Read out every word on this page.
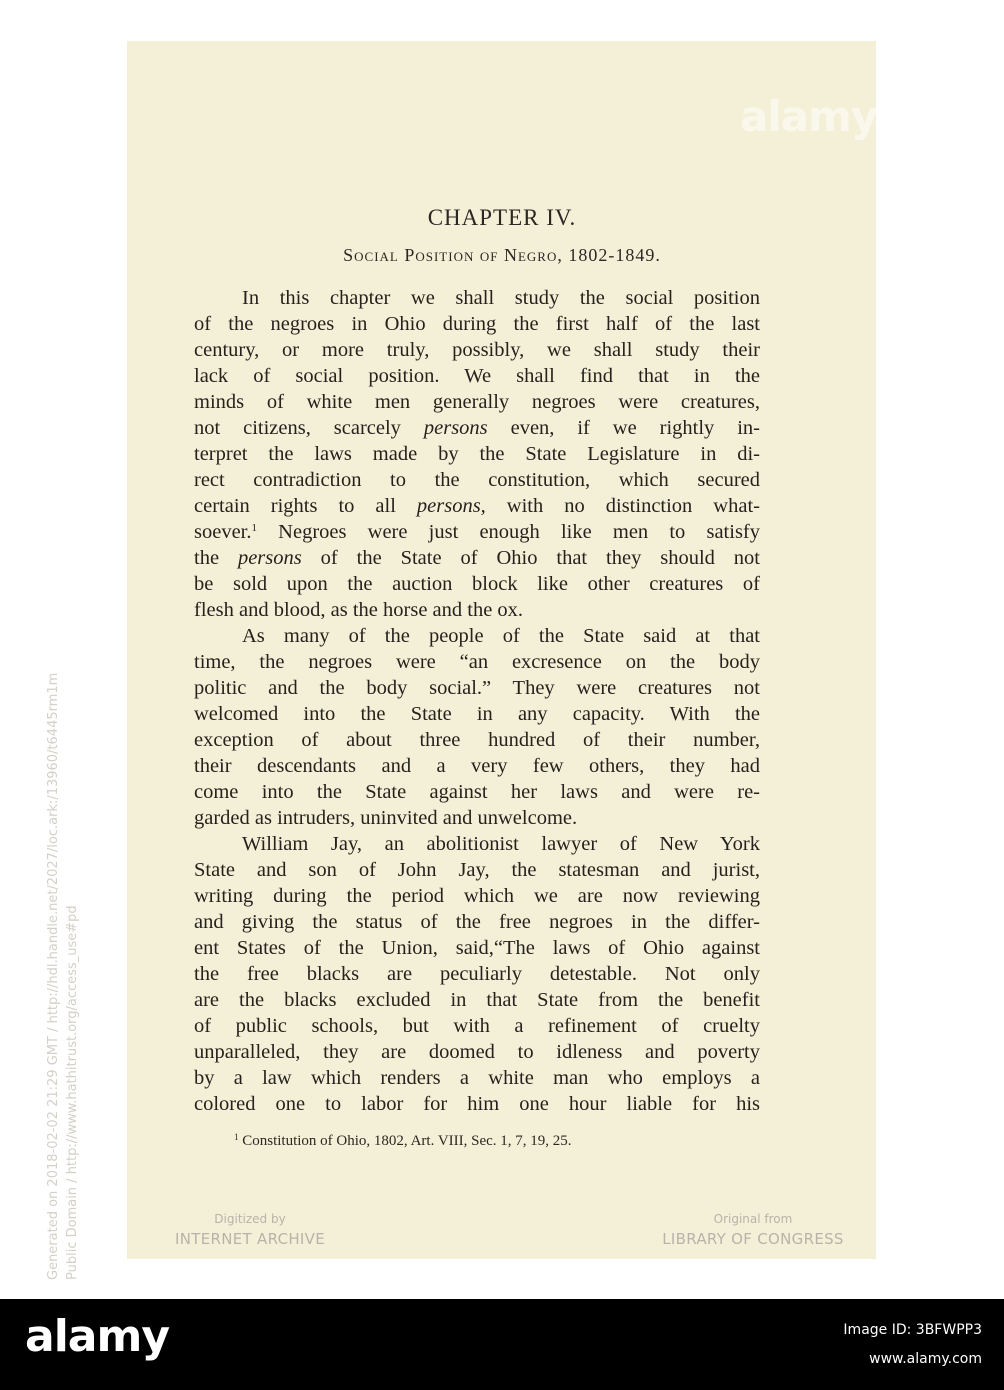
Generated on 2018-02-02 21:29 GMT / http://hdl.handle.net/2027/loc.ark:/13960/t6445rm1m Public Domain / http://www.hathitrust.org/access_use#pd
alamy
CHAPTER IV.
Social Position of Negro, 1802-1849.
In this chapter we shall study the social position
of the negroes in Ohio during the first half of the last
century, or more truly, possibly, we shall study their
lack of social position. We shall find that in the
minds of white men generally negroes were creatures,
not citizens, scarcely persons even, if we rightly in-
terpret the laws made by the State Legislature in di-
rect contradiction to the constitution, which secured
certain rights to all persons, with no distinction what-
soever.$^1$ Negroes were just enough like men to satisfy
the persons of the State of Ohio that they should not
be sold upon the auction block like other creatures of
flesh and blood, as the horse and the ox.
As many of the people of the State said at that
time, the negroes were “an excresence on the body
politic and the body social.” They were creatures not
welcomed into the State in any capacity. With the
exception of about three hundred of their number,
their descendants and a very few others, they had
come into the State against her laws and were re-
garded as intruders, uninvited and unwelcome.
William Jay, an abolitionist lawyer of New York
State and son of John Jay, the statesman and jurist,
writing during the period which we are now reviewing
and giving the status of the free negroes in the differ-
ent States of the Union, said,“The laws of Ohio against
the free blacks are peculiarly detestable. Not only
are the blacks excluded in that State from the benefit
of public schools, but with a refinement of cruelty
unparalleled, they are doomed to idleness and poverty
by a law which renders a white man who employs a
colored one to labor for him one hour liable for his
$^1$ Constitution of Ohio, 1802, Art. VIII, Sec. 1, 7, 19, 25.
Digitized by
INTERNET ARCHIVE
Original from
LIBRARY OF CONGRESS
alamy	Image ID: 3BFWPP3
www.alamy.com
